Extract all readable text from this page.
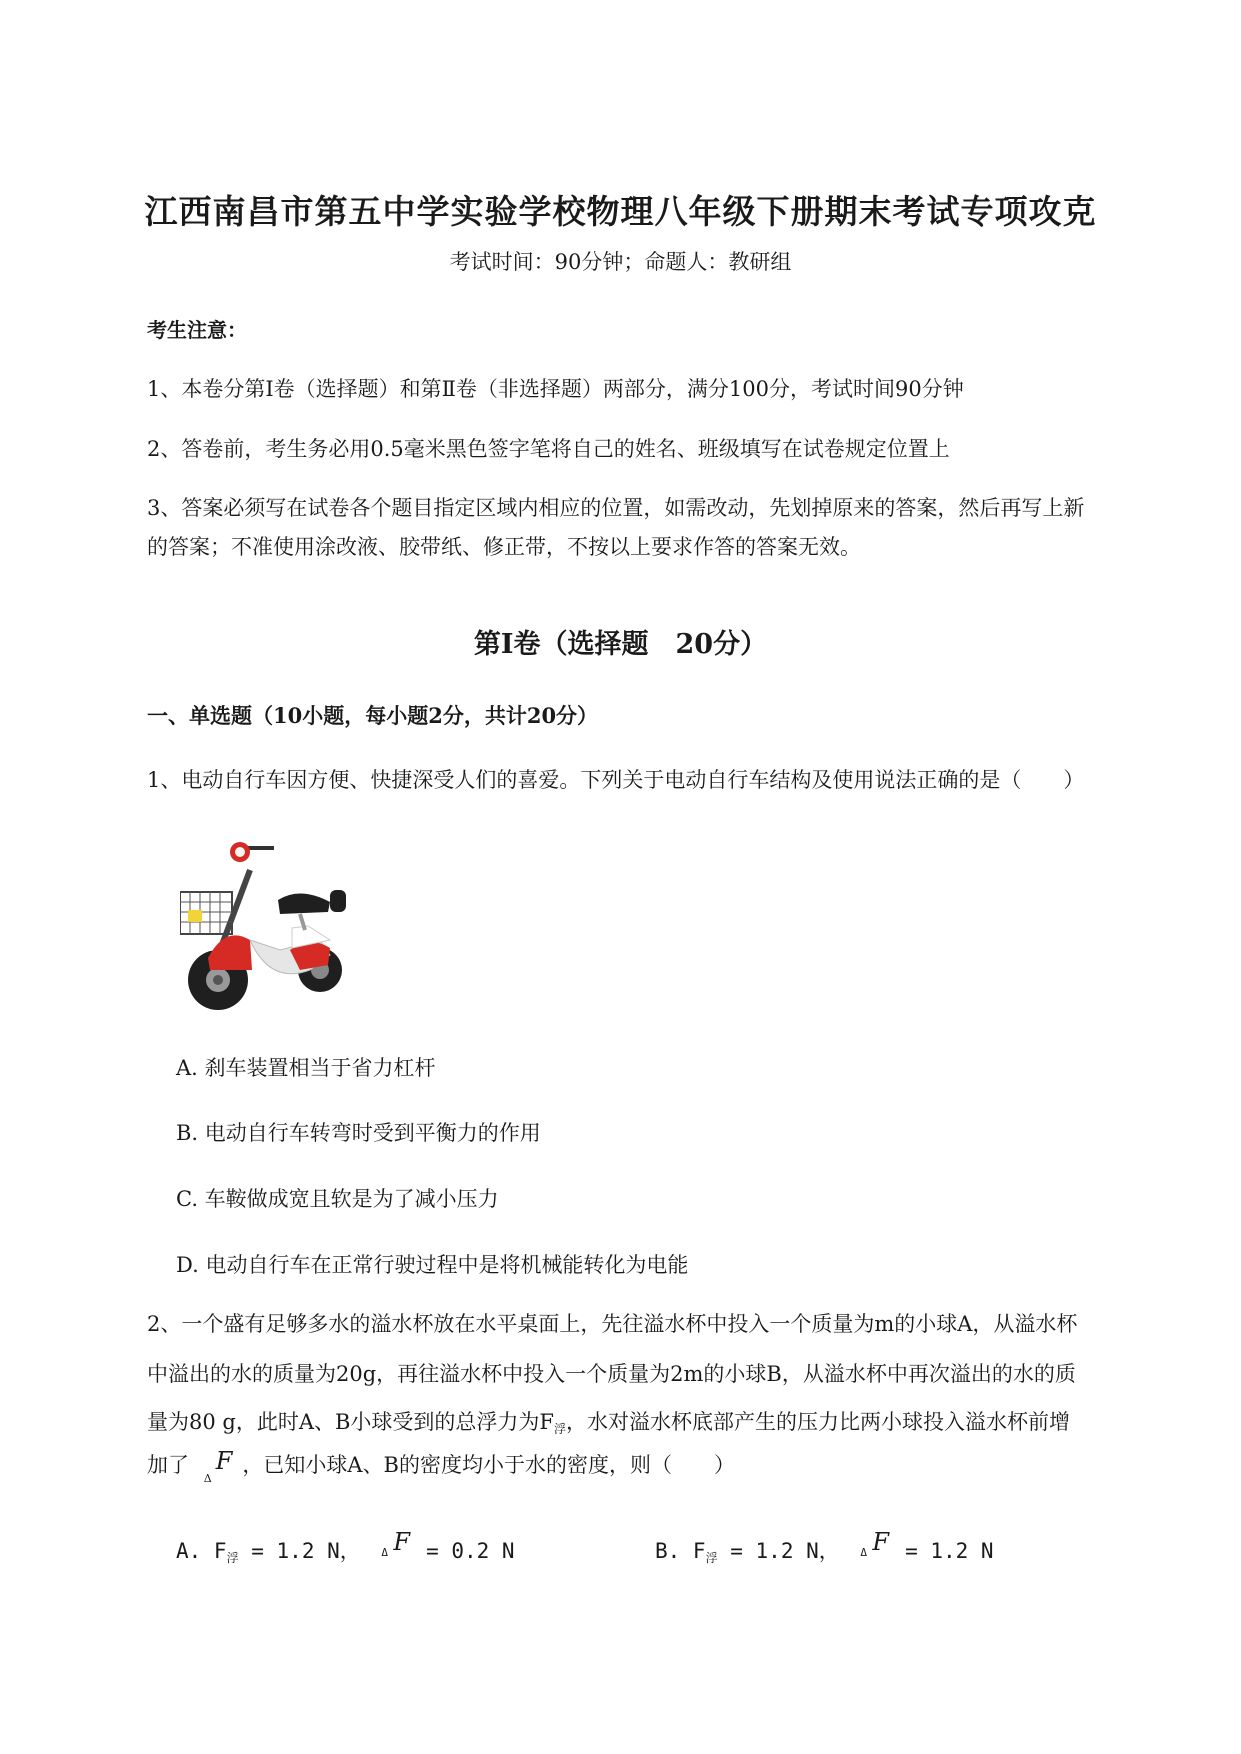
江西南昌市第五中学实验学校物理八年级下册期末考试专项攻克
考试时间：90分钟；命题人：教研组
考生注意：
1、本卷分第Ⅰ卷（选择题）和第Ⅱ卷（非选择题）两部分，满分100分，考试时间90分钟
2、答卷前，考生务必用0.5毫米黑色签字笔将自己的姓名、班级填写在试卷规定位置上
3、答案必须写在试卷各个题目指定区域内相应的位置，如需改动，先划掉原来的答案，然后再写上新
的答案；不准使用涂改液、胶带纸、修正带，不按以上要求作答的答案无效。
第Ⅰ卷（选择题　20分）
一、单选题（10小题，每小题2分，共计20分）
1、电动自行车因方便、快捷深受人们的喜爱。下列关于电动自行车结构及使用说法正确的是（　　）
A. 刹车装置相当于省力杠杆
B. 电动自行车转弯时受到平衡力的作用
C. 车鞍做成宽且软是为了减小压力
D. 电动自行车在正常行驶过程中是将机械能转化为电能
2、一个盛有足够多水的溢水杯放在水平桌面上，先往溢水杯中投入一个质量为m的小球A，从溢水杯
中溢出的水的质量为20g，再往溢水杯中投入一个质量为2m的小球B，从溢水杯中再次溢出的水的质
量为80 g，此时A、B小球受到的总浮力为$F_浮$，水对溢水杯底部产生的压力比两小球投入溢水杯前增
加了
Δ
F ，已知小球A、B的密度均小于水的密度，则（　　）
A. $F_浮 = 1.2$ N， Δ F = 0.2 N	B. $F_浮 = 1.2$ N， Δ F = 1.2 N
